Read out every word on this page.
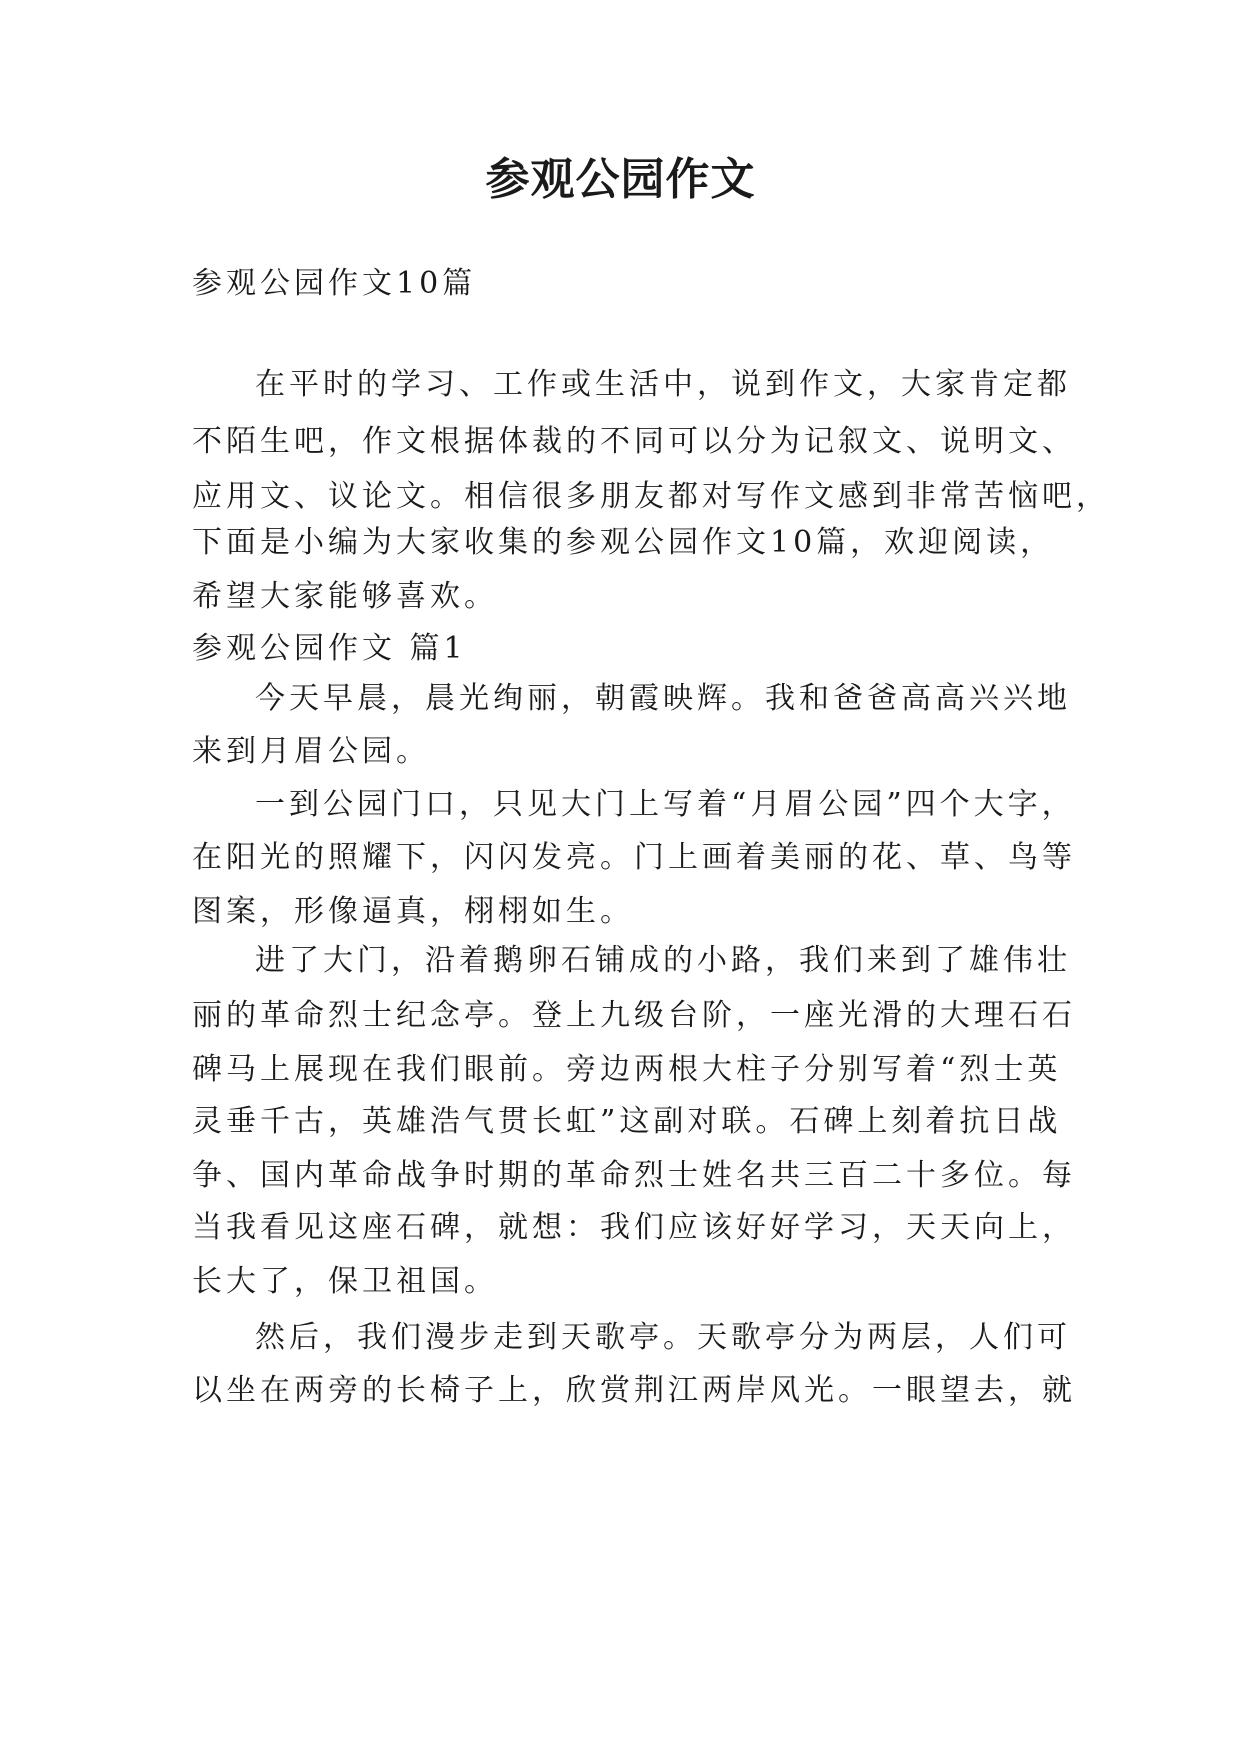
参观公园作文

参观公园作文10篇

在平时的学习、工作或生活中，说到作文，大家肯定都

不陌生吧，作文根据体裁的不同可以分为记叙文、说明文、

应用文、议论文。相信很多朋友都对写作文感到非常苦恼吧，

下面是小编为大家收集的参观公园作文10篇，欢迎阅读，

希望大家能够喜欢。

参观公园作文 篇1

今天早晨，晨光绚丽，朝霞映辉。我和爸爸高高兴兴地

来到月眉公园。

一到公园门口，只见大门上写着“月眉公园”四个大字，

在阳光的照耀下，闪闪发亮。门上画着美丽的花、草、鸟等

图案，形像逼真，栩栩如生。

进了大门，沿着鹅卵石铺成的小路，我们来到了雄伟壮

丽的革命烈士纪念亭。登上九级台阶，一座光滑的大理石石

碑马上展现在我们眼前。旁边两根大柱子分别写着“烈士英

灵垂千古，英雄浩气贯长虹”这副对联。石碑上刻着抗日战

争、国内革命战争时期的革命烈士姓名共三百二十多位。每

当我看见这座石碑，就想：我们应该好好学习，天天向上，

长大了，保卫祖国。

然后，我们漫步走到天歌亭。天歌亭分为两层，人们可

以坐在两旁的长椅子上，欣赏荆江两岸风光。一眼望去，就
